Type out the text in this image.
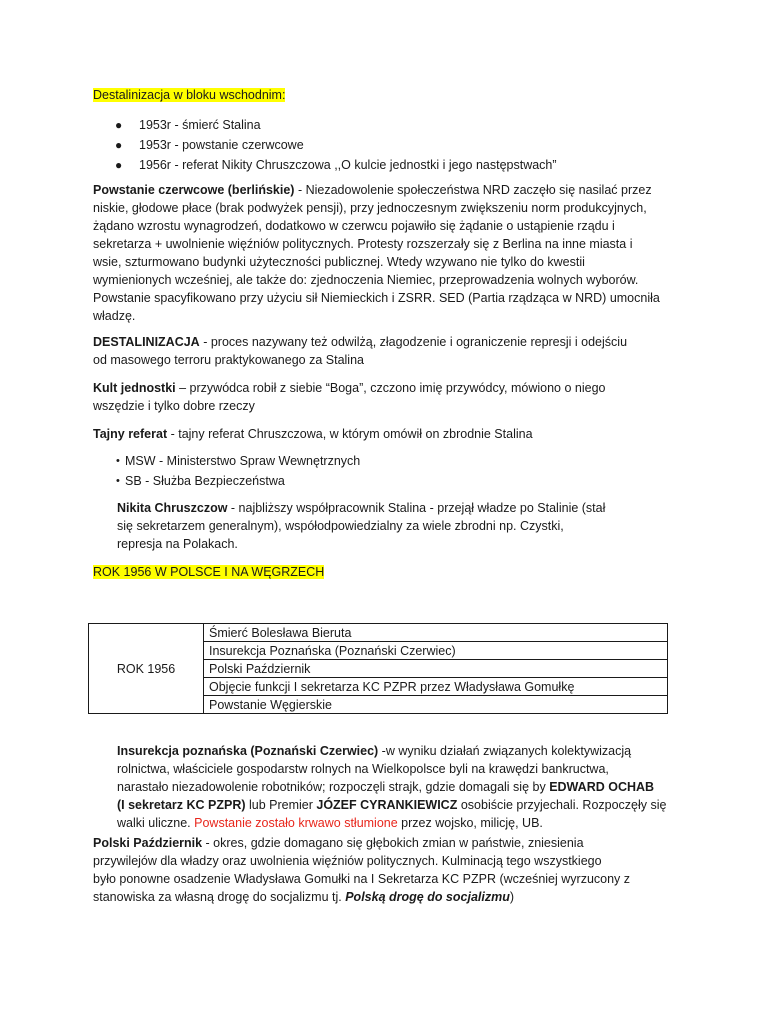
Destalinizacja w bloku wschodnim:
● 1953r - śmierć Stalina
● 1953r - powstanie czerwcowe
● 1956r - referat Nikity Chruszczowa ,,O kulcie jednostki i jego następstwach”
Powstanie czerwcowe (berlińskie) - Niezadowolenie społeczeństwa NRD zaczęło się nasilać przez
niskie, głodowe płace (brak podwyżek pensji), przy jednoczesnym zwiększeniu norm produkcyjnych,
żądano wzrostu wynagrodzeń, dodatkowo w czerwcu pojawiło się żądanie o ustąpienie rządu i
sekretarza + uwolnienie więźniów politycznych. Protesty rozszerzały się z Berlina na inne miasta i
wsie, szturmowano budynki użyteczności publicznej. Wtedy wzywano nie tylko do kwestii
wymienionych wcześniej, ale także do: zjednoczenia Niemiec, przeprowadzenia wolnych wyborów.
Powstanie spacyfikowano przy użyciu sił Niemieckich i ZSRR. SED (Partia rządząca w NRD) umocniła
władzę.
DESTALINIZACJA - proces nazywany też odwilżą, złagodzenie i ograniczenie represji i odejściu
od masowego terroru praktykowanego za Stalina
Kult jednostki – przywódca robił z siebie “Boga”, czczono imię przywódcy, mówiono o niego
wszędzie i tylko dobre rzeczy
Tajny referat - tajny referat Chruszczowa, w którym omówił on zbrodnie Stalina
• MSW - Ministerstwo Spraw Wewnętrznych
• SB - Służba Bezpieczeństwa
Nikita Chruszczow - najbliższy współpracownik Stalina - przejął władze po Stalinie (stał
się sekretarzem generalnym), współodpowiedzialny za wiele zbrodni np. Czystki,
represja na Polakach.
ROK 1956 W POLSCE I NA WĘGRZECH
ROK 1956	Śmierć Bolesława Bieruta
Insurekcja Poznańska (Poznański Czerwiec)
Polski Październik
Objęcie funkcji I sekretarza KC PZPR przez Władysława Gomułkę
Powstanie Węgierskie
Insurekcja poznańska (Poznański Czerwiec) -w wyniku działań związanych kolektywizacją
rolnictwa, właściciele gospodarstw rolnych na Wielkopolsce byli na krawędzi bankructwa,
narastało niezadowolenie robotników; rozpoczęli strajk, gdzie domagali się by EDWARD OCHAB
(I sekretarz KC PZPR) lub Premier JÓZEF CYRANKIEWICZ osobiście przyjechali. Rozpoczęły się
walki uliczne. Powstanie zostało krwawo stłumione przez wojsko, milicję, UB.
Polski Październik - okres, gdzie domagano się głębokich zmian w państwie, zniesienia
przywilejów dla władzy oraz uwolnienia więźniów politycznych. Kulminacją tego wszystkiego
było ponowne osadzenie Władysława Gomułki na I Sekretarza KC PZPR (wcześniej wyrzucony z
stanowiska za własną drogę do socjalizmu tj. Polską drogę do socjalizmu)
